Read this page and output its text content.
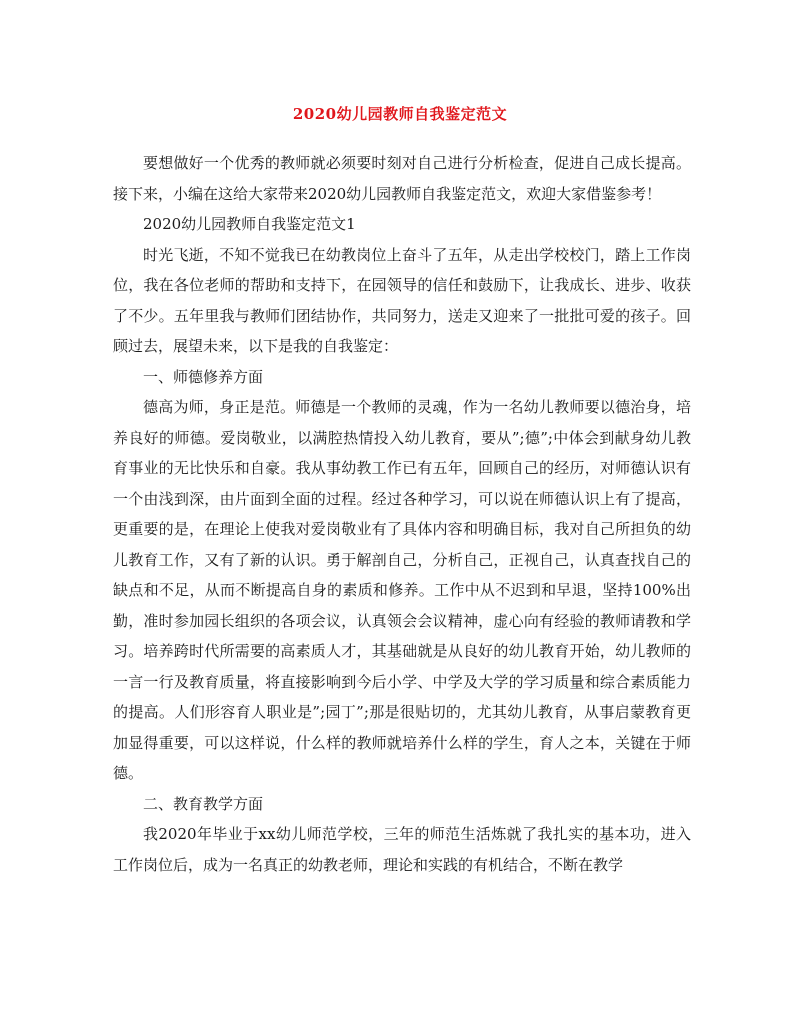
2020幼儿园教师自我鉴定范文

要想做好一个优秀的教师就必须要时刻对自己进行分析检查，促进自己成长提高。接下来，小编在这给大家带来2020幼儿园教师自我鉴定范文，欢迎大家借鉴参考！

2020幼儿园教师自我鉴定范文1

时光飞逝，不知不觉我已在幼教岗位上奋斗了五年，从走出学校校门，踏上工作岗位，我在各位老师的帮助和支持下，在园领导的信任和鼓励下，让我成长、进步、收获了不少。五年里我与教师们团结协作，共同努力，送走又迎来了一批批可爱的孩子。回顾过去，展望未来，以下是我的自我鉴定：

一、师德修养方面

德高为师，身正是范。师德是一个教师的灵魂，作为一名幼儿教师要以德治身，培养良好的师德。爱岗敬业，以满腔热情投入幼儿教育，要从”;德”;中体会到献身幼儿教育事业的无比快乐和自豪。我从事幼教工作已有五年，回顾自己的经历，对师德认识有一个由浅到深，由片面到全面的过程。经过各种学习，可以说在师德认识上有了提高，更重要的是，在理论上使我对爱岗敬业有了具体内容和明确目标，我对自己所担负的幼儿教育工作，又有了新的认识。勇于解剖自己，分析自己，正视自己，认真查找自己的缺点和不足，从而不断提高自身的素质和修养。工作中从不迟到和早退，坚持100%出勤，准时参加园长组织的各项会议，认真领会会议精神，虚心向有经验的教师请教和学习。培养跨时代所需要的高素质人才，其基础就是从良好的幼儿教育开始，幼儿教师的一言一行及教育质量，将直接影响到今后小学、中学及大学的学习质量和综合素质能力的提高。人们形容育人职业是”;园丁”;那是很贴切的，尤其幼儿教育，从事启蒙教育更加显得重要，可以这样说，什么样的教师就培养什么样的学生，育人之本，关键在于师德。

二、教育教学方面

我2020年毕业于xx幼儿师范学校，三年的师范生活炼就了我扎实的基本功，进入工作岗位后，成为一名真正的幼教老师，理论和实践的有机结合，不断在教学
